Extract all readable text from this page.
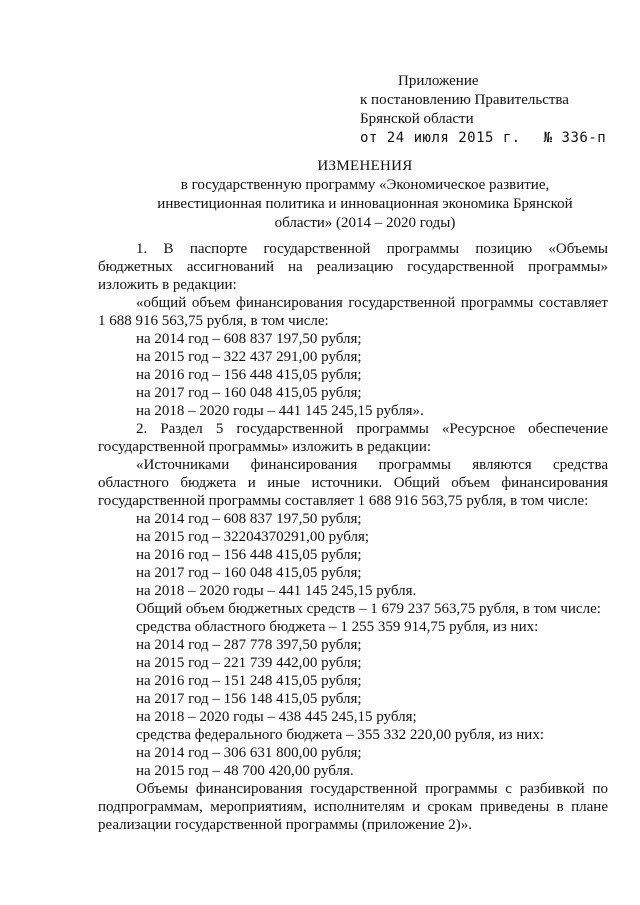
Приложение
к постановлению Правительства
Брянской области
от 24 июля 2015 г. № 336-п
ИЗМЕНЕНИЯ
в государственную программу «Экономическое развитие,
инвестиционная политика и инновационная экономика Брянской
области» (2014 – 2020 годы)
1. В паспорте государственной программы позицию «Объемы бюджетных ассигнований на реализацию государственной программы» изложить в редакции:
«общий объем финансирования государственной программы составляет 1 688 916 563,75 рубля, в том числе:
на 2014 год – 608 837 197,50 рубля;
на 2015 год – 322 437 291,00 рубля;
на 2016 год – 156 448 415,05 рубля;
на 2017 год – 160 048 415,05 рубля;
на 2018 – 2020 годы – 441 145 245,15 рубля».
2. Раздел 5 государственной программы «Ресурсное обеспечение государственной программы» изложить в редакции:
«Источниками финансирования программы являются средства областного бюджета и иные источники. Общий объем финансирования государственной программы составляет 1 688 916 563,75 рубля, в том числе:
на 2014 год – 608 837 197,50 рубля;
на 2015 год – 32204370291,00 рубля;
на 2016 год – 156 448 415,05 рубля;
на 2017 год – 160 048 415,05 рубля;
на 2018 – 2020 годы – 441 145 245,15 рубля.
Общий объем бюджетных средств – 1 679 237 563,75 рубля, в том числе:
средства областного бюджета – 1 255 359 914,75 рубля, из них:
на 2014 год – 287 778 397,50 рубля;
на 2015 год – 221 739 442,00 рубля;
на 2016 год – 151 248 415,05 рубля;
на 2017 год – 156 148 415,05 рубля;
на 2018 – 2020 годы – 438 445 245,15 рубля;
средства федерального бюджета – 355 332 220,00 рубля, из них:
на 2014 год – 306 631 800,00 рубля;
на 2015 год – 48 700 420,00 рубля.
Объемы финансирования государственной программы с разбивкой по подпрограммам, мероприятиям, исполнителям и срокам приведены в плане реализации государственной программы (приложение 2)».
